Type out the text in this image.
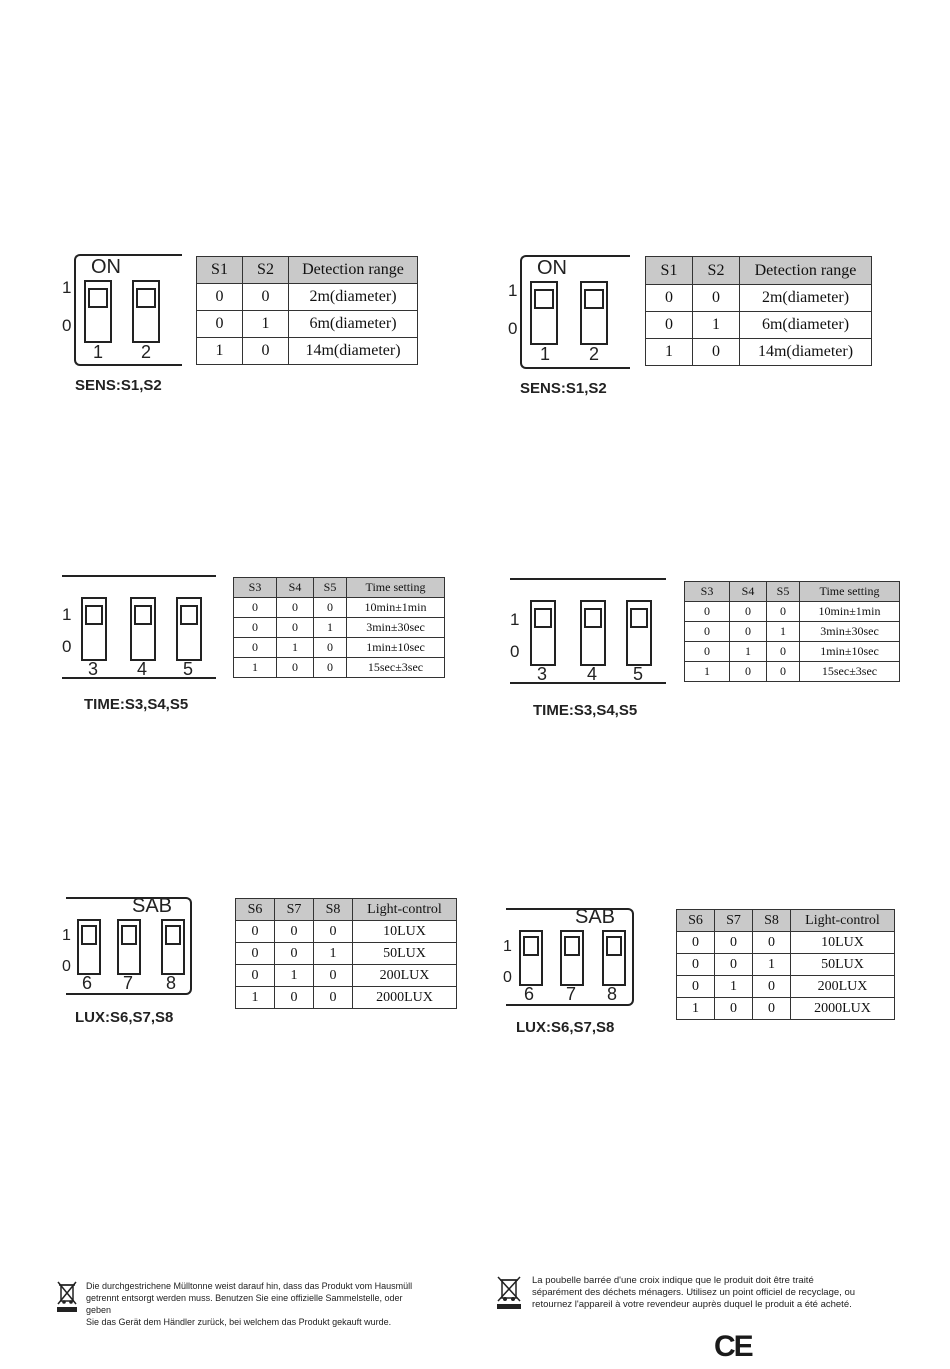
ON
1
0
1 2
SENS:S1,S2
S1	S2	Detection range
0	0	2m(diameter)
0	1	6m(diameter)
1	0	14m(diameter)
1
0
3 4 5
TIME:S3,S4,S5
S3	S4	S5	Time setting
0	0	0	10min±1min
0	0	1	3min±30sec
0	1	0	1min±10sec
1	0	0	15sec±3sec
SAB
1
0
6 7 8
LUX:S6,S7,S8
S6	S7	S8	Light-control
0	0	0	10LUX
0	0	1	50LUX
0	1	0	200LUX
1	0	0	2000LUX
ON
1
0
1 2
SENS:S1,S2
S1	S2	Detection range
0	0	2m(diameter)
0	1	6m(diameter)
1	0	14m(diameter)
1
0
3 4 5
TIME:S3,S4,S5
S3	S4	S5	Time setting
0	0	0	10min±1min
0	0	1	3min±30sec
0	1	0	1min±10sec
1	0	0	15sec±3sec
SAB
1
0
6 7 8
LUX:S6,S7,S8
S6	S7	S8	Light-control
0	0	0	10LUX
0	0	1	50LUX
0	1	0	200LUX
1	0	0	2000LUX
Die durchgestrichene Mülltonne weist darauf hin, dass das Produkt vom Hausmüll
getrennt entsorgt werden muss. Benutzen Sie eine offizielle Sammelstelle, oder geben
Sie das Gerät dem Händler zurück, bei welchem das Produkt gekauft wurde.
La poubelle barrée d'une croix indique que le produit doit être traité
séparément des déchets ménagers. Utilisez un point officiel de recyclage, ou
retournez l'appareil à votre revendeur auprès duquel le produit a été acheté.
CE
